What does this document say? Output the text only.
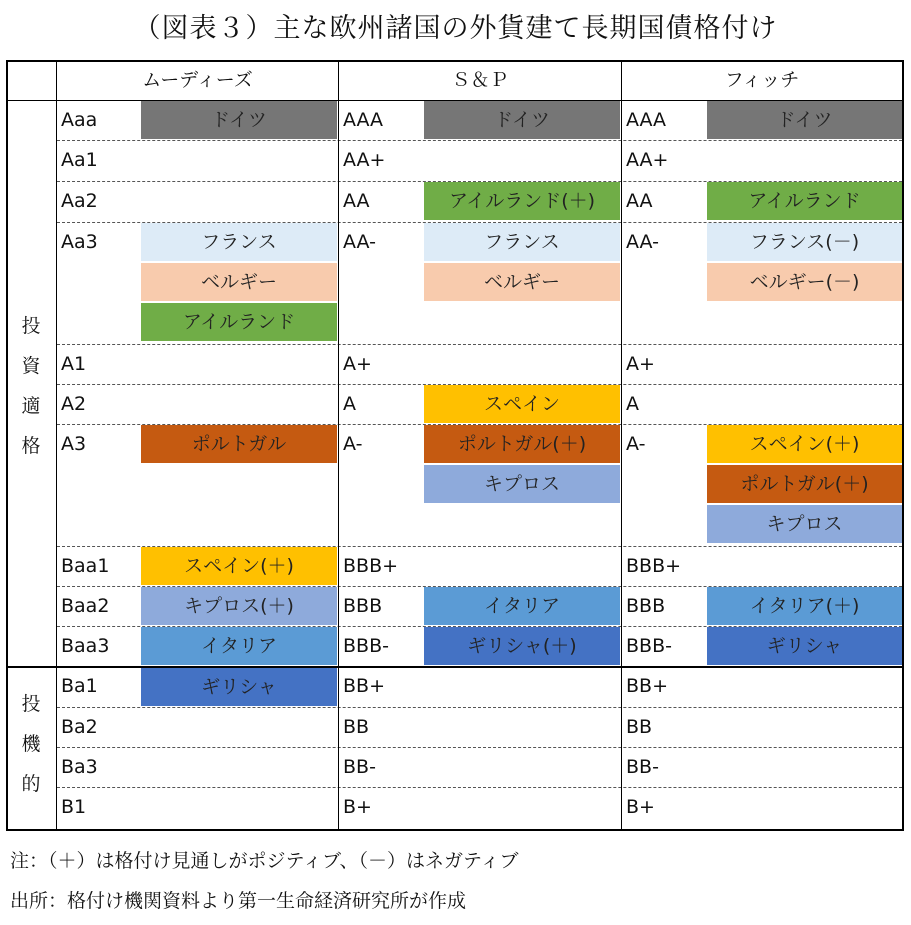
（図表３）主な欧州諸国の外貨建て長期国債格付け
ムーディーズ	Ｓ＆Ｐ	フィッチ
投
資
適
格
投
機
的
Aaa
Aa1
Aa2
Aa3
A1
A2
A3
Baa1
Baa2
Baa3
Ba1
Ba2
Ba3
B1
AAA
AA+
AA
AA-
A+
A
A-
BBB+
BBB
BBB-
BB+
BB
BB-
B+
AAA
AA+
AA
AA-
A+
A
A-
BBB+
BBB
BBB-
BB+
BB
BB-
B+
ドイツ
フランス
ベルギー
アイルランド
ポルトガル
スペイン(＋)
キプロス(＋)
イタリア
ギリシャ
ドイツ
アイルランド(＋)
フランス
ベルギー
スペイン
ポルトガル(＋)
キプロス
イタリア
ギリシャ(＋)
ドイツ
アイルランド
フランス(－)
ベルギー(－)
スペイン(＋)
ポルトガル(＋)
キプロス
イタリア(＋)
ギリシャ
注：（＋）は格付け見通しがポジティブ、（－）はネガティブ
出所：格付け機関資料より第一生命経済研究所が作成
